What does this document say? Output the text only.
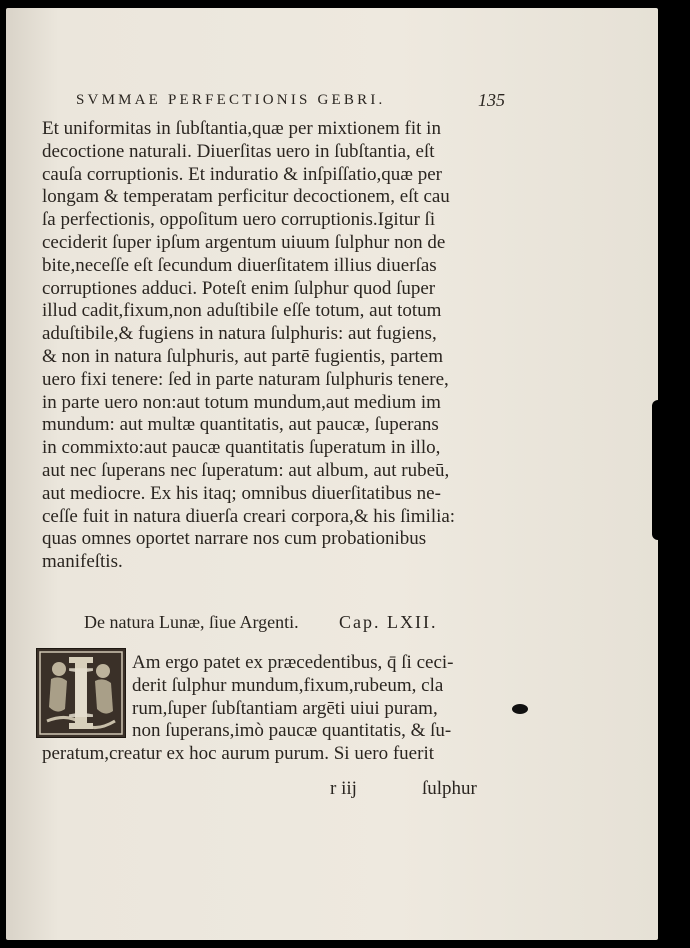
SVMMAE PERFECTIONIS GEBRI.	135
Et uniformitas in ſubſtantia,quæ per mixtionem fit in
decoctione naturali. Diuerſitas uero in ſubſtantia, eſt
cauſa corruptionis. Et induratio & inſpiſſatio,quæ per
longam & temperatam perficitur decoctionem, eſt cau
ſa perfectionis, oppoſitum uero corruptionis.Igitur ſi
ceciderit ſuper ipſum argentum uiuum ſulphur non de
bite,neceſſe eſt ſecundum diuerſitatem illius diuerſas
corruptiones adduci. Poteſt enim ſulphur quod ſuper
illud cadit,fixum,non aduſtibile eſſe totum, aut totum
aduſtibile,& fugiens in natura ſulphuris: aut fugiens,
& non in natura ſulphuris, aut partē fugientis, partem
uero fixi tenere: ſed in parte naturam ſulphuris tenere,
in parte uero non:aut totum mundum,aut medium im
mundum: aut multæ quantitatis, aut paucæ, ſuperans
in commixto:aut paucæ quantitatis ſuperatum in illo,
aut nec ſuperans nec ſuperatum: aut album, aut rubeū,
aut mediocre. Ex his itaq; omnibus diuerſitatibus ne-
ceſſe fuit in natura diuerſa creari corpora,& his ſimilia:
quas omnes oportet narrare nos cum probationibus
manifeſtis.
De natura Lunæ, ſiue Argenti. Cap. LXII.
I	Am ergo patet ex præcedentibus, q̄ ſi ceci-
derit ſulphur mundum,fixum,rubeum, cla
rum,ſuper ſubſtantiam argēti uiui puram,
non ſuperans,imò paucæ quantitatis, & ſu-
peratum,creatur ex hoc aurum purum. Si uero fuerit
r iij	ſulphur
